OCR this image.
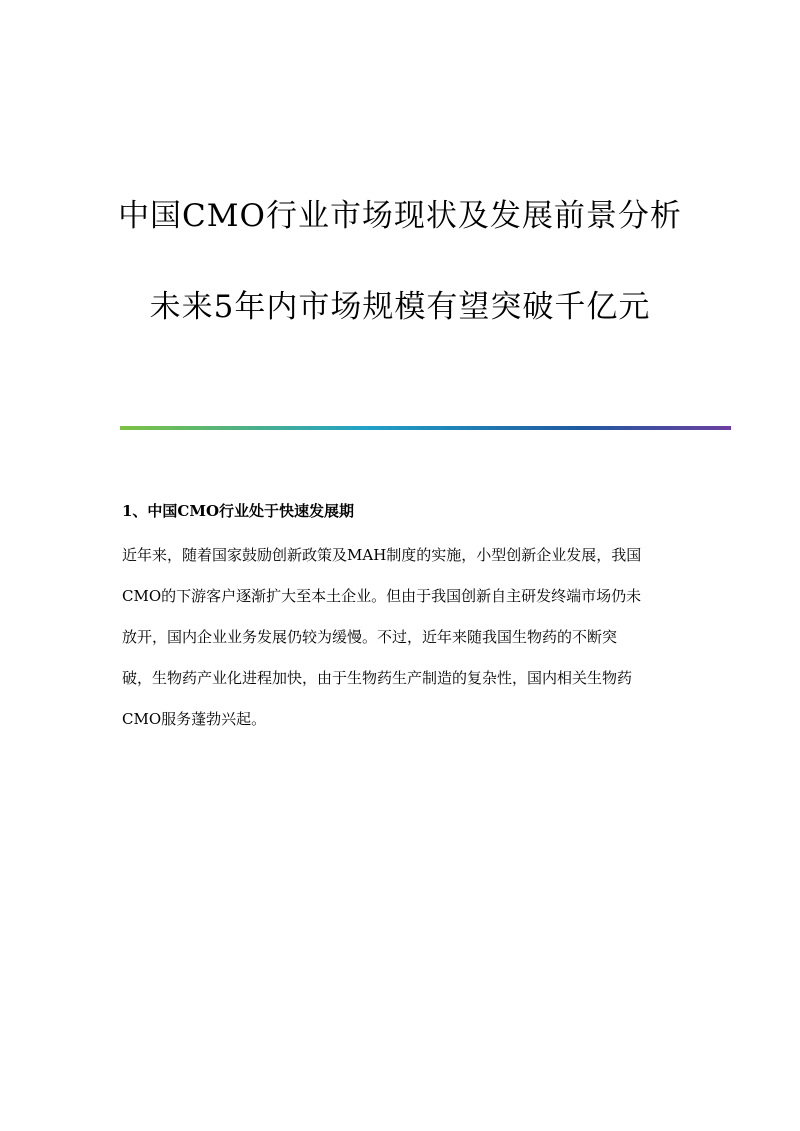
中国CMO行业市场现状及发展前景分析
未来5年内市场规模有望突破千亿元
1、中国CMO行业处于快速发展期
近年来，随着国家鼓励创新政策及MAH制度的实施，小型创新企业发展，我国
CMO的下游客户逐渐扩大至本土企业。但由于我国创新自主研发终端市场仍未
放开，国内企业业务发展仍较为缓慢。不过，近年来随我国生物药的不断突
破，生物药产业化进程加快，由于生物药生产制造的复杂性，国内相关生物药
CMO服务蓬勃兴起。
